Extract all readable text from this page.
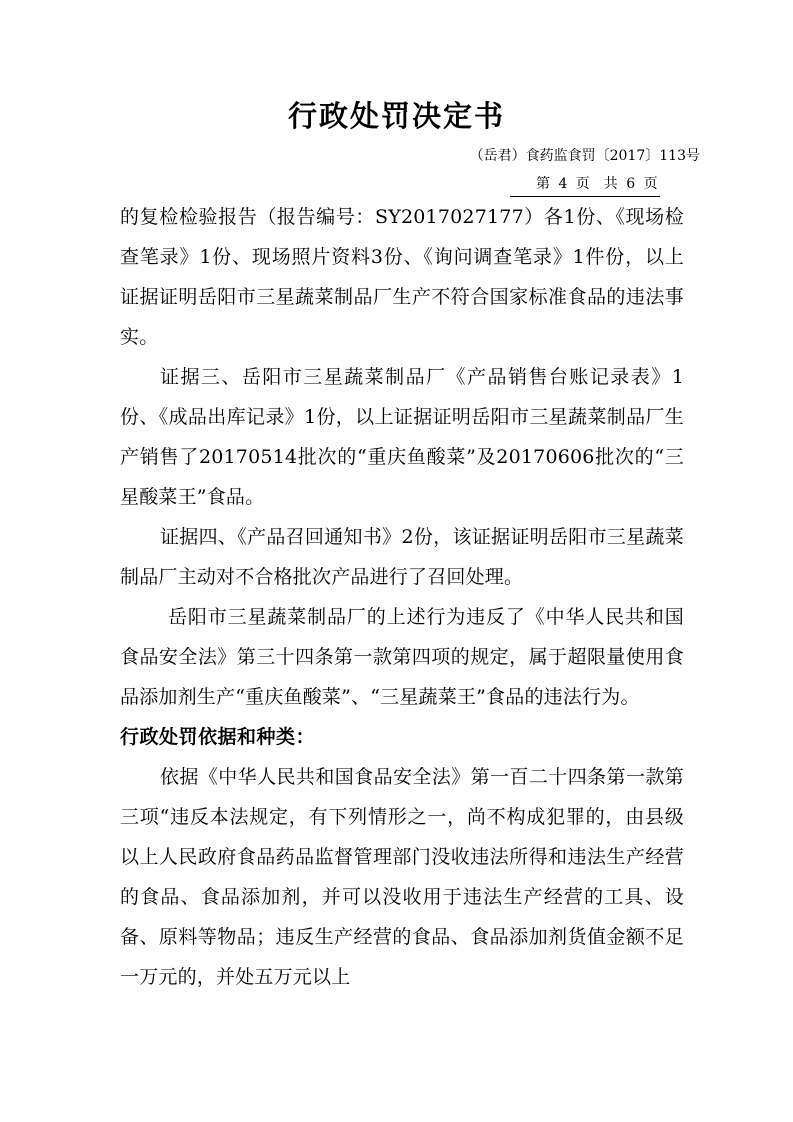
行政处罚决定书
（岳君）食药监食罚〔2017〕113号
第 4 页　共 6 页

的复检检验报告（报告编号：SY2017027177）各1份、《现场检查笔录》1份、现场照片资料3份、《询问调查笔录》1件份，以上证据证明岳阳市三星蔬菜制品厂生产不符合国家标准食品的违法事实。

证据三、岳阳市三星蔬菜制品厂《产品销售台账记录表》1份、《成品出库记录》1份，以上证据证明岳阳市三星蔬菜制品厂生产销售了20170514批次的“重庆鱼酸菜”及20170606批次的“三星酸菜王”食品。

证据四、《产品召回通知书》2份，该证据证明岳阳市三星蔬菜制品厂主动对不合格批次产品进行了召回处理。

岳阳市三星蔬菜制品厂的上述行为违反了《中华人民共和国食品安全法》第三十四条第一款第四项的规定，属于超限量使用食品添加剂生产“重庆鱼酸菜”、“三星蔬菜王”食品的违法行为。

行政处罚依据和种类：

依据《中华人民共和国食品安全法》第一百二十四条第一款第三项“违反本法规定，有下列情形之一，尚不构成犯罪的，由县级以上人民政府食品药品监督管理部门没收违法所得和违法生产经营的食品、食品添加剂，并可以没收用于违法生产经营的工具、设备、原料等物品；违反生产经营的食品、食品添加剂货值金额不足一万元的，并处五万元以上
